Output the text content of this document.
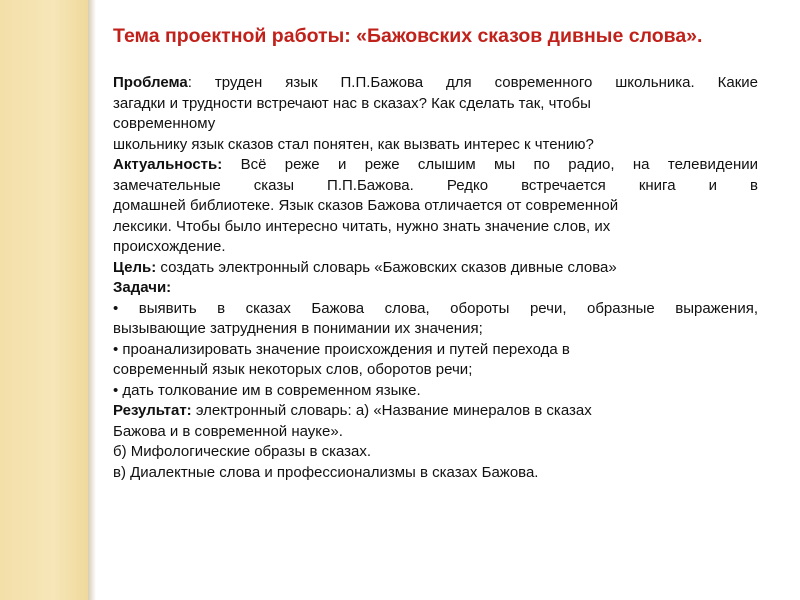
Тема проектной работы: «Бажовских сказов дивные слова».
Проблема: труден язык П.П.Бажова для современного школьника. Какие
загадки и трудности встречают нас в сказах? Как сделать так, чтобы
современному
школьнику язык сказов стал понятен, как вызвать интерес к чтению?
Актуальность: Всё реже и реже слышим мы по радио, на телевидении
замечательные сказы П.П.Бажова. Редко встречается книга и в
домашней библиотеке. Язык сказов Бажова отличается от современной
лексики. Чтобы было интересно читать, нужно знать значение слов, их
происхождение.
Цель: создать электронный словарь «Бажовских сказов дивные слова»
Задачи:
• выявить в сказах Бажова слова, обороты речи, образные выражения,
вызывающие затруднения в понимании их значения;
• проанализировать значение происхождения и путей перехода в
современный язык некоторых слов, оборотов речи;
• дать толкование им в современном языке.
Результат: электронный словарь: а) «Название минералов в сказах
Бажова и в современной науке».
б) Мифологические образы в сказах.
в) Диалектные слова и профессионализмы в сказах Бажова.
